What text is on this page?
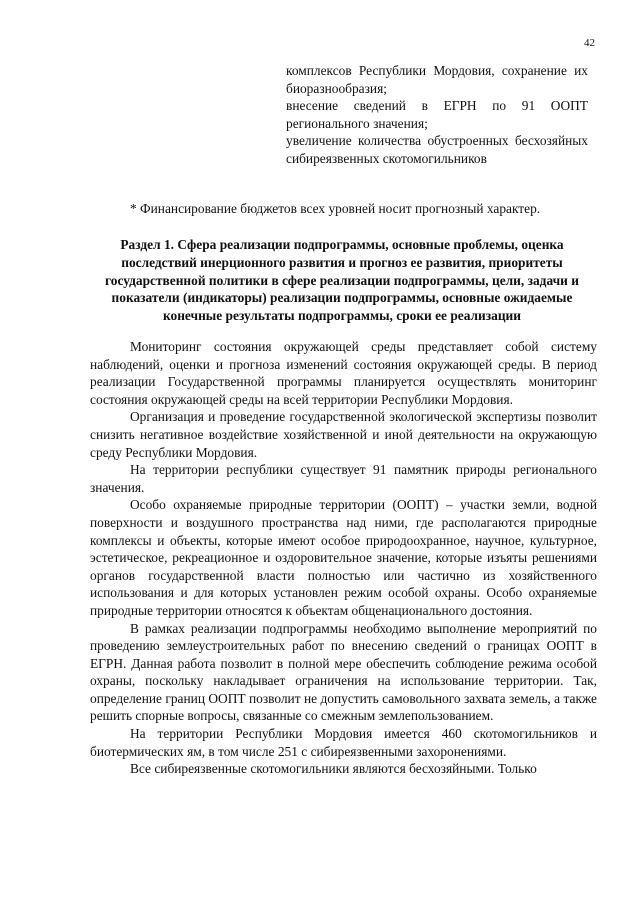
42

комплексов Республики Мордовия, сохранение их биоразнообразия;

внесение сведений в ЕГРН по 91 ООПТ регионального значения;

увеличение количества обустроенных бесхозяйных сибиреязвенных скотомогильников

* Финансирование бюджетов всех уровней носит прогнозный характер.
Раздел 1. Сфера реализации подпрограммы, основные проблемы, оценка последствий инерционного развития и прогноз ее развития, приоритеты государственной политики в сфере реализации подпрограммы, цели, задачи и показатели (индикаторы) реализации подпрограммы, основные ожидаемые конечные результаты подпрограммы, сроки ее реализации

Мониторинг состояния окружающей среды представляет собой систему наблюдений, оценки и прогноза изменений состояния окружающей среды. В период реализации Государственной программы планируется осуществлять мониторинг состояния окружающей среды на всей территории Республики Мордовия.

Организация и проведение государственной экологической экспертизы позволит снизить негативное воздействие хозяйственной и иной деятельности на окружающую среду Республики Мордовия.

На территории республики существует 91 памятник природы регионального значения.

Особо охраняемые природные территории (ООПТ) – участки земли, водной поверхности и воздушного пространства над ними, где располагаются природные комплексы и объекты, которые имеют особое природоохранное, научное, культурное, эстетическое, рекреационное и оздоровительное значение, которые изъяты решениями органов государственной власти полностью или частично из хозяйственного использования и для которых установлен режим особой охраны. Особо охраняемые природные территории относятся к объектам общенационального достояния.

В рамках реализации подпрограммы необходимо выполнение мероприятий по проведению землеустроительных работ по внесению сведений о границах ООПТ в ЕГРН. Данная работа позволит в полной мере обеспечить соблюдение режима особой охраны, поскольку накладывает ограничения на использование территории. Так, определение границ ООПТ позволит не допустить самовольного захвата земель, а также решить спорные вопросы, связанные со смежным землепользованием.

На территории Республики Мордовия имеется 460 скотомогильников и биотермических ям, в том числе 251 с сибиреязвенными захоронениями.

Все сибиреязвенные скотомогильники являются бесхозяйными. Только
